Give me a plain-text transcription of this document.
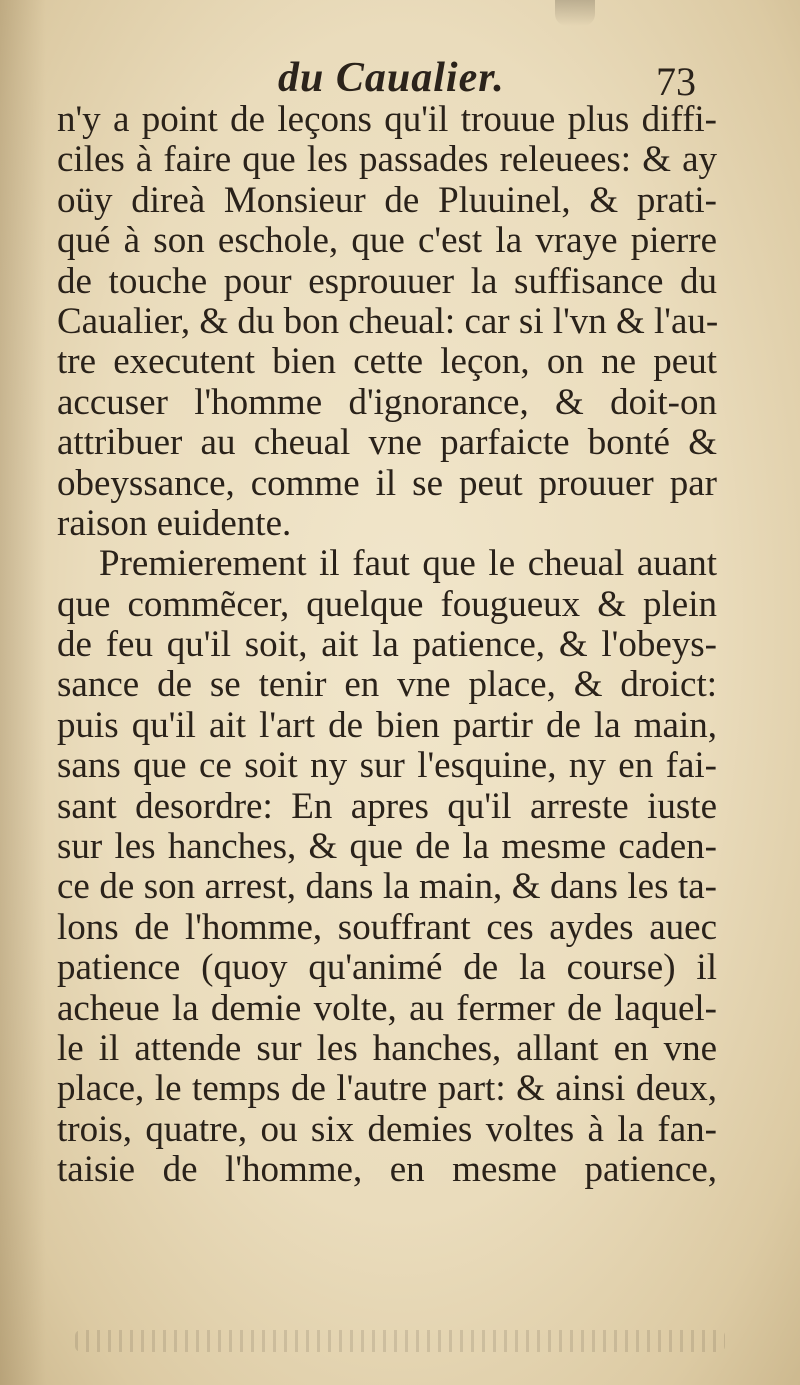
du Caualier.	73
n'y a point de leçons qu'il trouue plus diffi-
ciles à faire que les passades releuees: & ay
oüy direà Monsieur de Pluuinel, & prati-
qué à son eschole, que c'est la vraye pierre
de touche pour esprouuer la suffisance du
Caualier, & du bon cheual: car si l'vn & l'au-
tre executent bien cette leçon, on ne peut
accuser l'homme d'ignorance, & doit-on
attribuer au cheual vne parfaicte bonté &
obeyssance, comme il se peut prouuer par
raison euidente.
Premierement il faut que le cheual auant
que commẽcer, quelque fougueux & plein
de feu qu'il soit, ait la patience, & l'obeys-
sance de se tenir en vne place, & droict:
puis qu'il ait l'art de bien partir de la main,
sans que ce soit ny sur l'esquine, ny en fai-
sant desordre: En apres qu'il arreste iuste
sur les hanches, & que de la mesme caden-
ce de son arrest, dans la main, & dans les ta-
lons de l'homme, souffrant ces aydes auec
patience (quoy qu'animé de la course) il
acheue la demie volte, au fermer de laquel-
le il attende sur les hanches, allant en vne
place, le temps de l'autre part: & ainsi deux,
trois, quatre, ou six demies voltes à la fan-
taisie de l'homme, en mesme patience,
